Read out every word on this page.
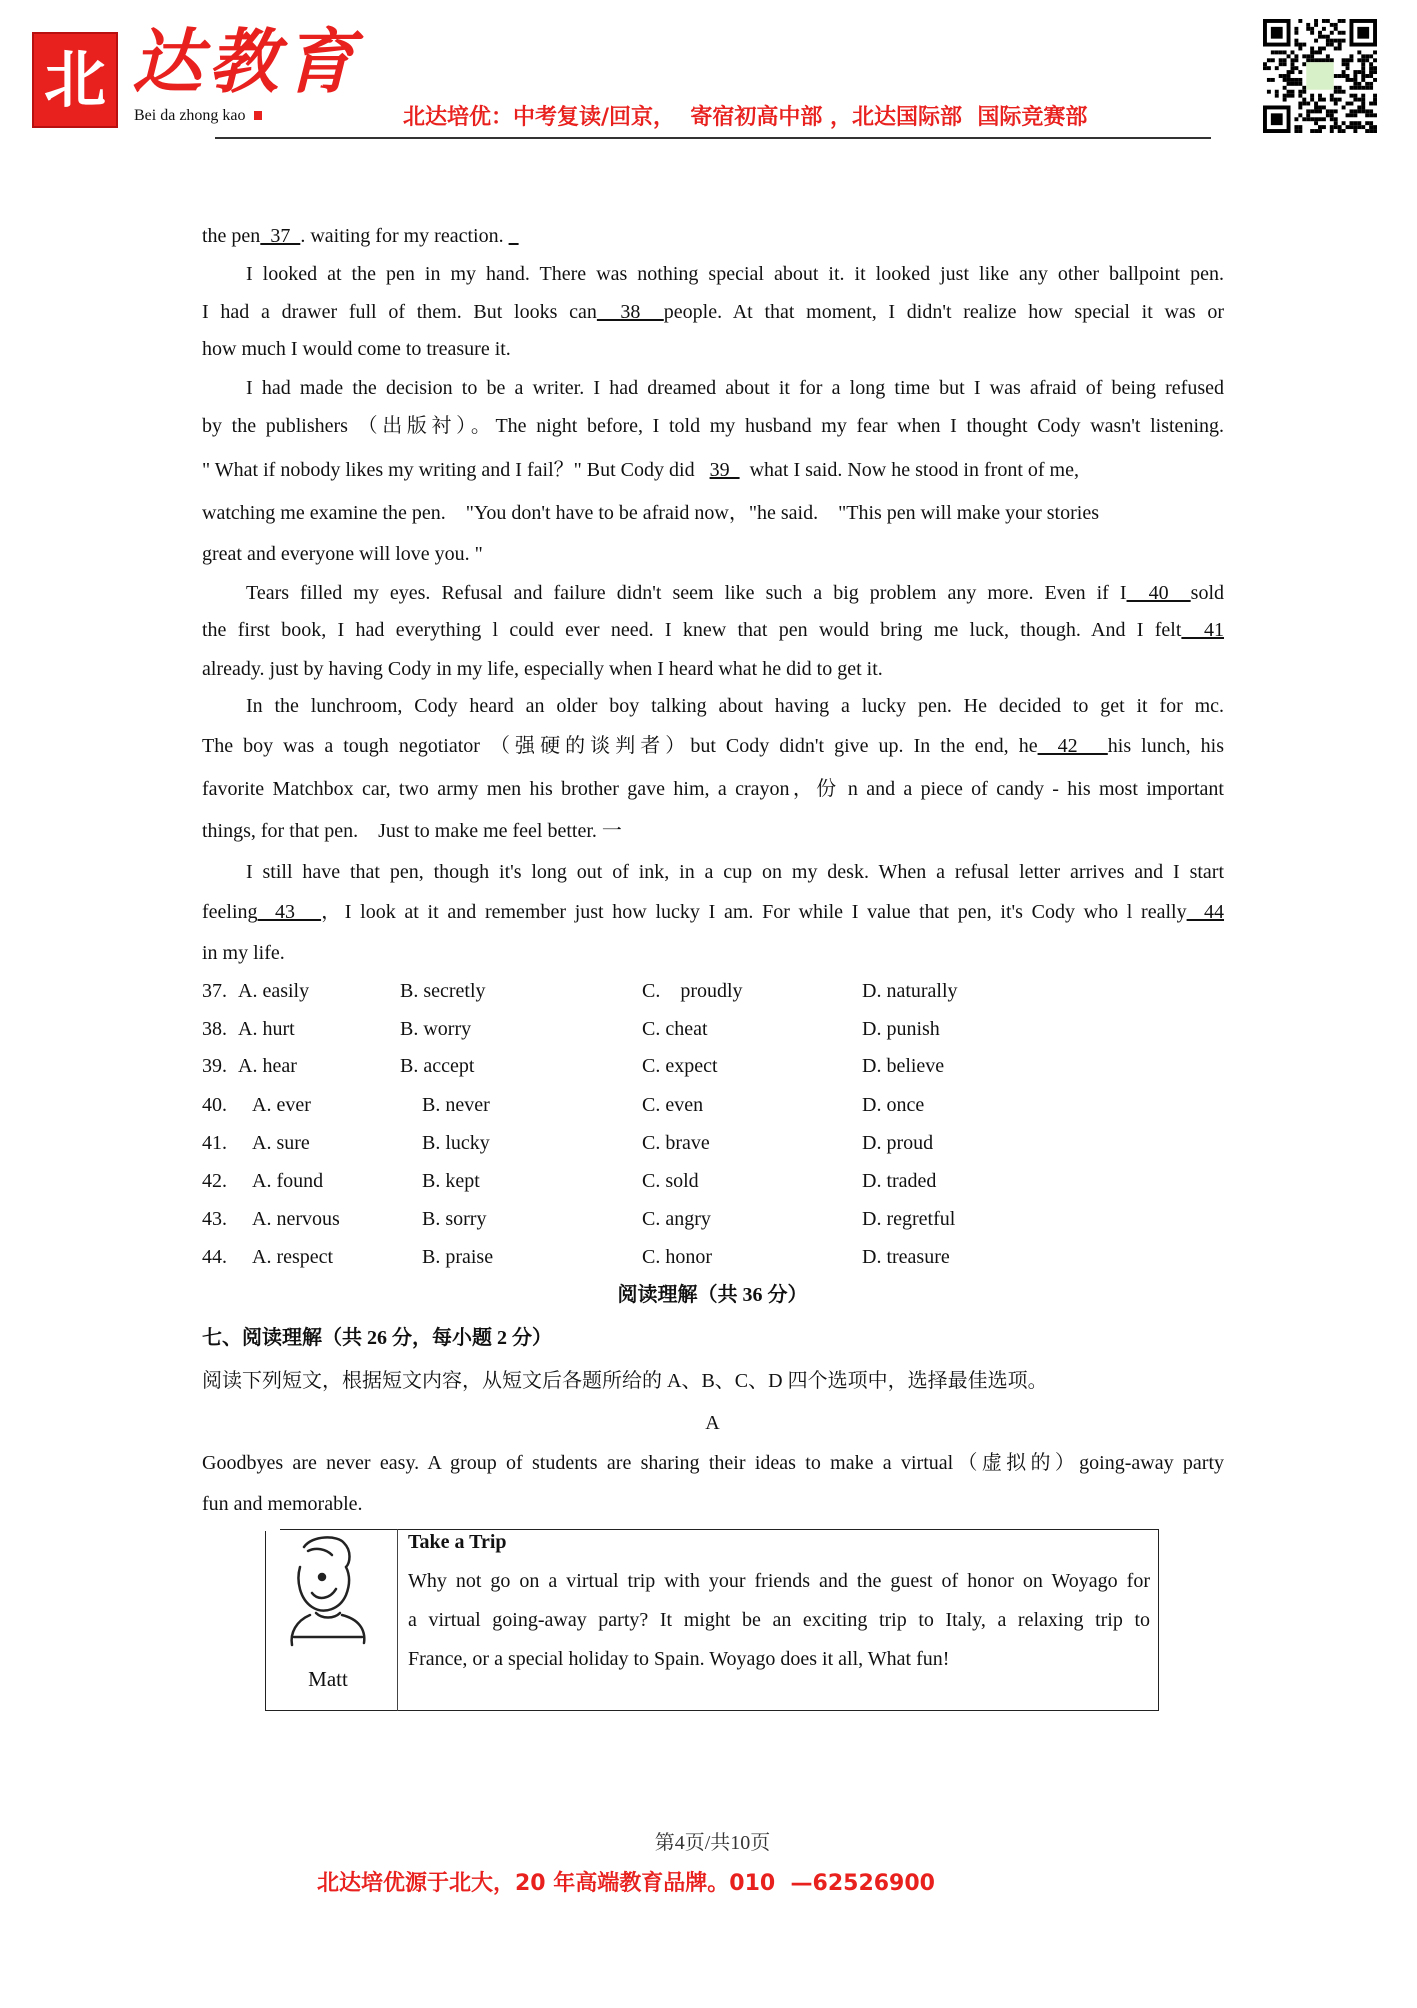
北 达教育
Bei da zhong kao	北达培优：中考复读/回京，  寄宿初高中部 ，北达国际部  国际竞赛部
the pen  37  . waiting for my reaction.
I looked at the pen in my hand. There was nothing special about it. it looked just like any other ballpoint pen.
I had a drawer full of them. But looks can  38  people. At that moment, I didn't realize how special it was or
how much I would come to treasure it.
I had made the decision to be a writer. I had dreamed about it for a long time but I was afraid of being refused
by the publishers （出版衬）。The night before, I told my husband my fear when I thought Cody wasn't listening.
" What if nobody likes my writing and I fail？" But Cody did   39    what I said. Now he stood in front of me,
watching me examine the pen.    "You don't have to be afraid now，"he said.    "This pen will make your stories
great and everyone will love you. "
Tears filled my eyes. Refusal and failure didn't seem like such a big problem any more. Even if I  40  sold
the first book, I had everything l could ever need. I knew that pen would bring me luck, though. And I felt  41
already. just by having Cody in my life, especially when I heard what he did to get it.
In the lunchroom, Cody heard an older boy talking about having a lucky pen. He decided to get it for mc.
The boy was a tough negotiator （强硬的谈判者）but Cody didn't give up. In the end, he  42   his lunch, his
favorite Matchbox car, two army men his brother gave him, a crayon，份 n and a piece of candy - his most important
things, for that pen.    Just to make me feel better. 一
I still have that pen, though it's long out of ink, in a cup on my desk. When a refusal letter arrives and I start
feeling  43   ，I look at it and remember just how lucky I am. For while I value that pen, it's Cody who l really  44
in my life.
37. A. easily	B. secretly	C.    proudly	D. naturally
38. A. hurt	B. worry	C. cheat	D. punish
39. A. hear	B. accept	C. expect	D. believe
40. A. ever	B. never	C. even	D. once
41. A. sure	B. lucky	C. brave	D. proud
42. A. found	B. kept	C. sold	D. traded
43. A. nervous	B. sorry	C. angry	D. regretful
44. A. respect	B. praise	C. honor	D. treasure
阅读理解（共 36 分）
七、阅读理解（共 26 分，每小题 2 分）
阅读下列短文，根据短文内容，从短文后各题所给的 A、B、C、D 四个选项中，选择最佳选项。
A
Goodbyes are never easy. A group of students are sharing their ideas to make a virtual（虚拟的）going-away party
fun and memorable.
Matt
Take a Trip
Why not go on a virtual trip with your friends and the guest of honor on Woyago for
a virtual going-away party? It might be an exciting trip to Italy, a relaxing trip to
France, or a special holiday to Spain. Woyago does it all, What fun!
第4页/共10页
北达培优源于北大，20 年高端教育品牌。010  —62526900
